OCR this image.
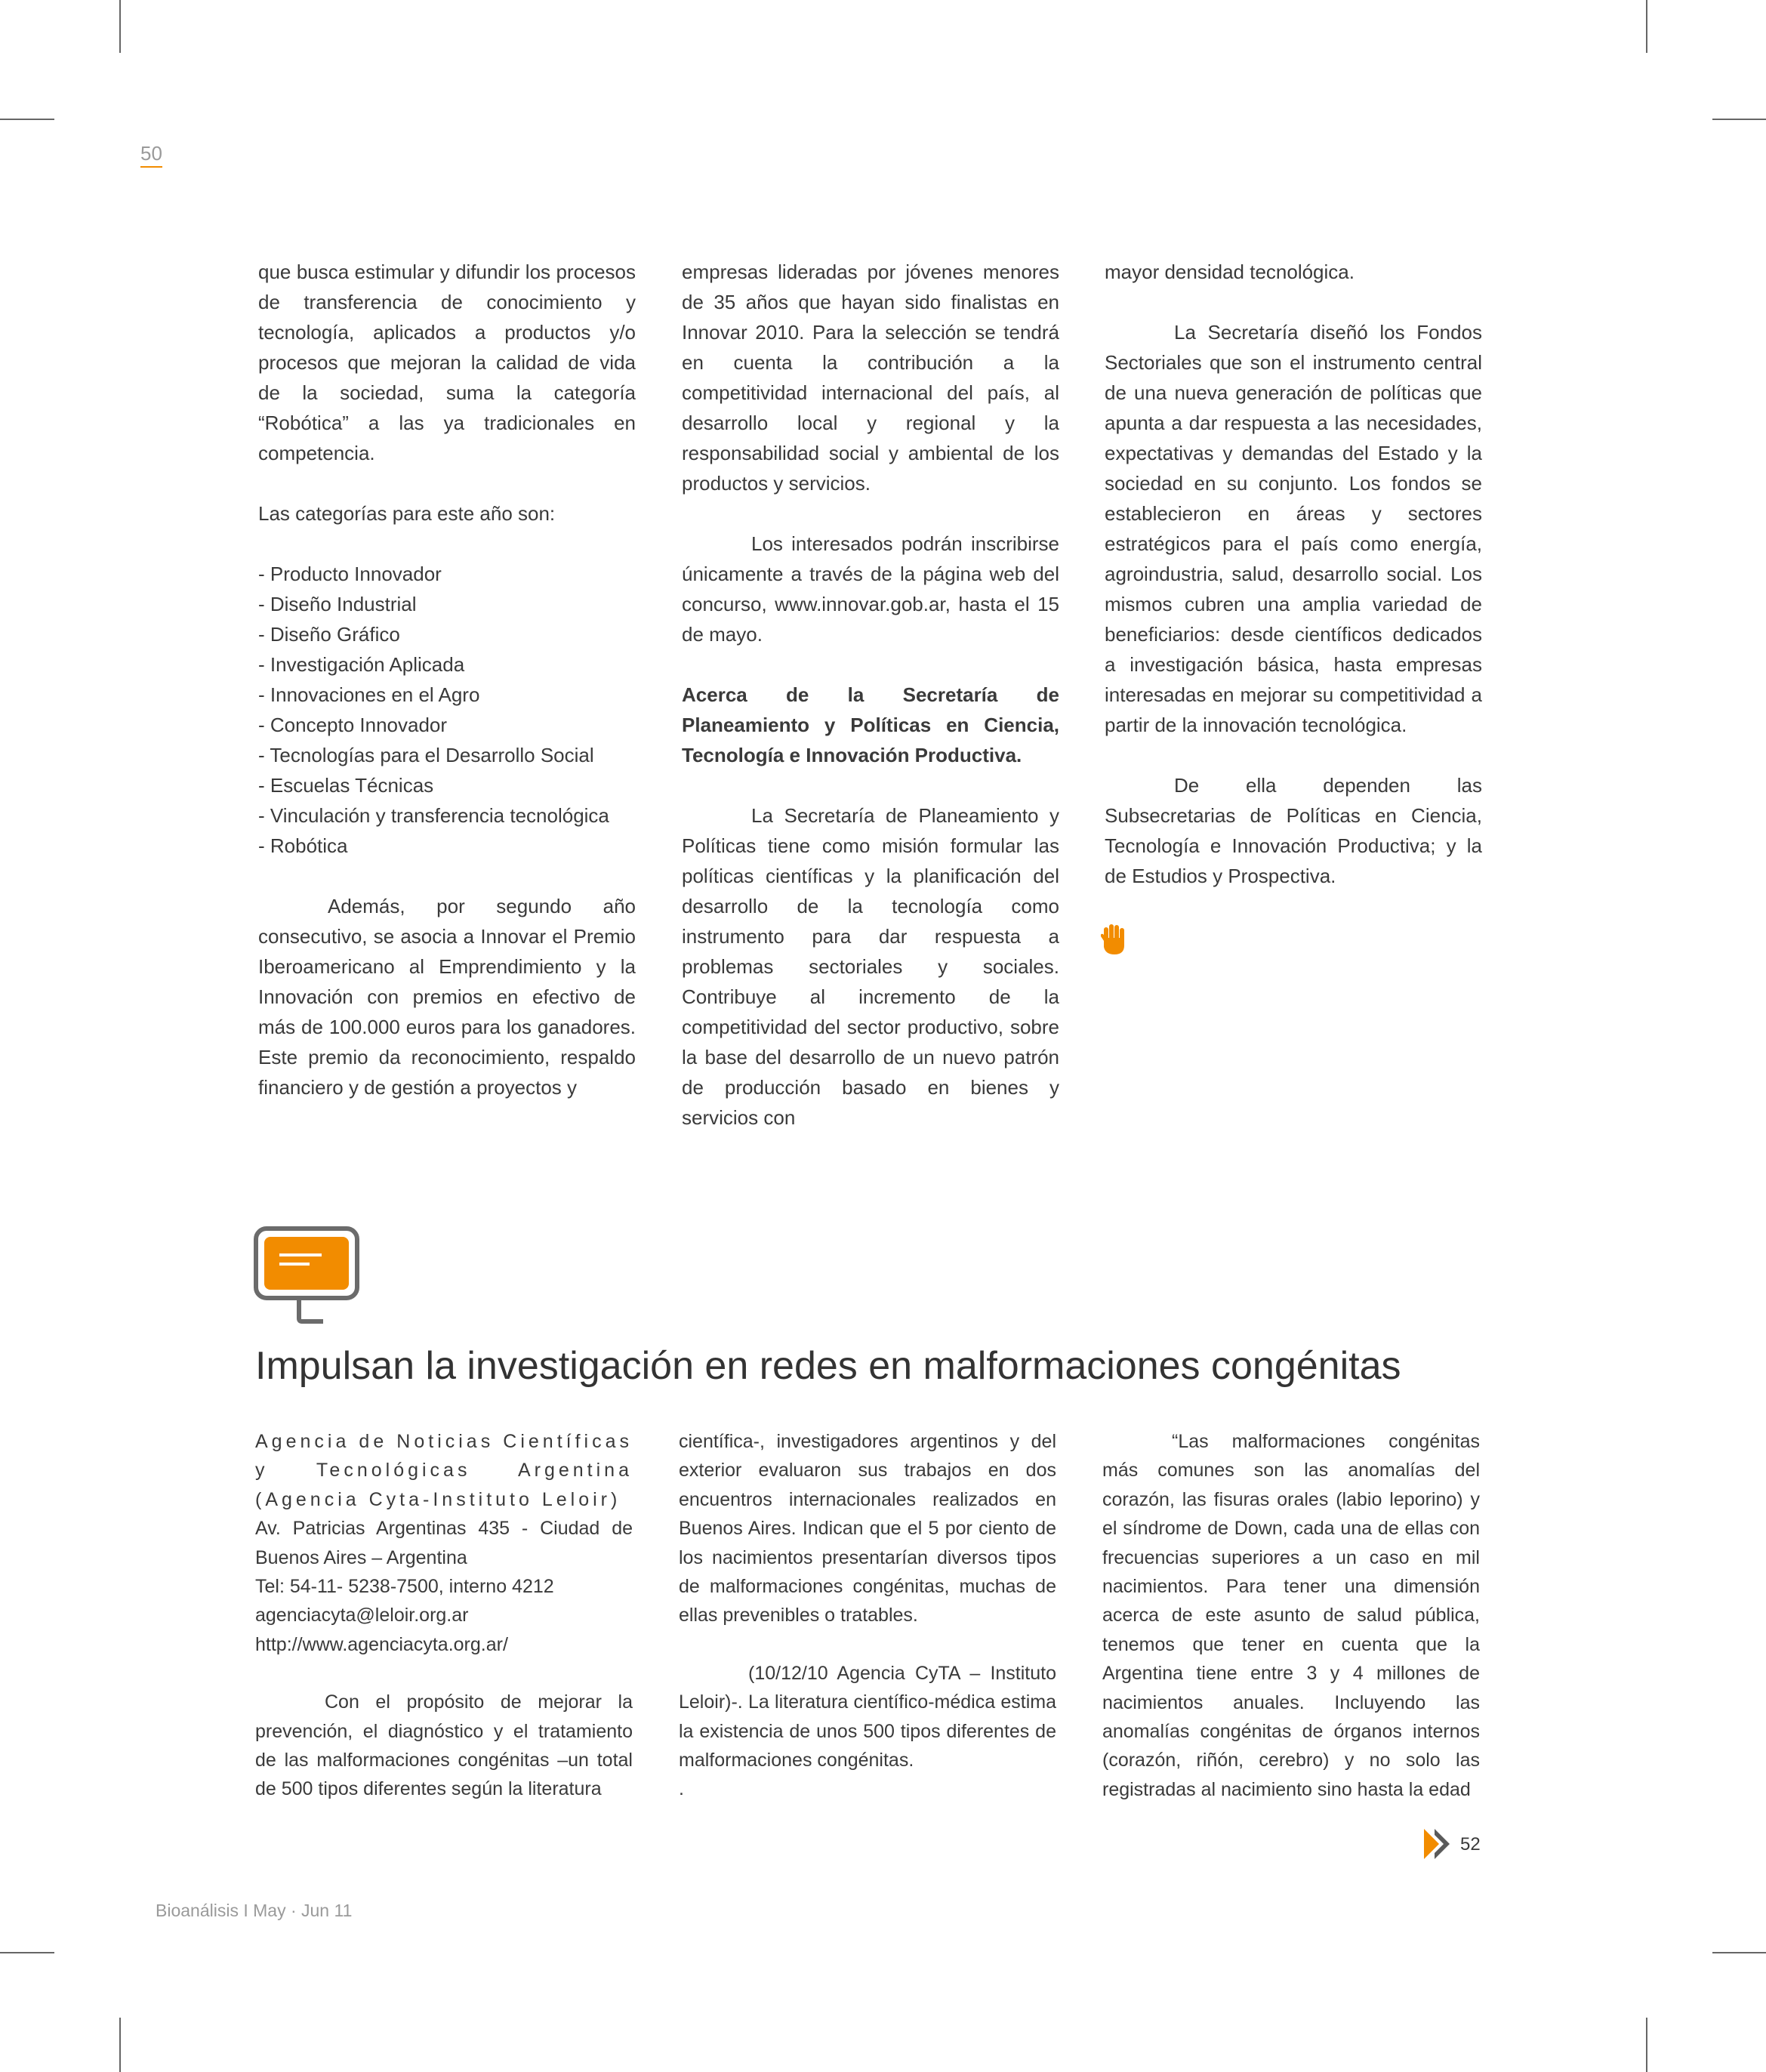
50

que busca estimular y difundir los procesos de transferencia de conocimiento y tecnología, aplicados a productos y/o procesos que mejoran la calidad de vida de la sociedad, suma la categoría “Robótica” a las ya tradicionales en competencia.

Las categorías para este año son:

- Producto Innovador

- Diseño Industrial

- Diseño Gráfico

- Investigación Aplicada

- Innovaciones en el Agro

- Concepto Innovador

- Tecnologías para el Desarrollo Social

- Escuelas Técnicas

- Vinculación y transferencia tecnológica

- Robótica

Además, por segundo año consecutivo, se asocia a Innovar el Premio Iberoamericano al Emprendimiento y la Innovación con premios en efectivo de más de 100.000 euros para los ganadores. Este premio da reconocimiento, respaldo financiero y de gestión a proyectos y

empresas lideradas por jóvenes menores de 35 años que hayan sido finalistas en Innovar 2010. Para la selección se tendrá en cuenta la contribución a la competitividad internacional del país, al desarrollo local y regional y la responsabilidad social y ambiental de los productos y servicios.

Los interesados podrán inscribirse únicamente a través de la página web del concurso, www.innovar.gob.ar, hasta el 15 de mayo.

Acerca de la Secretaría de Planeamiento y Políticas en Ciencia, Tecnología e Innovación Productiva.

La Secretaría de Planeamiento y Políticas tiene como misión formular las políticas científicas y la planificación del desarrollo de la tecnología como instrumento para dar respuesta a problemas sectoriales y sociales. Contribuye al incremento de la competitividad del sector productivo, sobre la base del desarrollo de un nuevo patrón de producción basado en bienes y servicios con

mayor densidad tecnológica.

La Secretaría diseñó los Fondos Sectoriales que son el instrumento central de una nueva generación de políticas que apunta a dar respuesta a las necesidades, expectativas y demandas del Estado y la sociedad en su conjunto. Los fondos se establecieron en áreas y sectores estratégicos para el país como energía, agroindustria, salud, desarrollo social. Los mismos cubren una amplia variedad de beneficiarios: desde científicos dedicados a investigación básica, hasta empresas interesadas en mejorar su competitividad a partir de la innovación tecnológica.

De ella dependen las Subsecretarias de Políticas en Ciencia, Tecnología e Innovación Productiva; y la de Estudios y Prospectiva.

Impulsan la investigación en redes en malformaciones congénitas

Agencia de Noticias Científicas y Tecnológicas Argentina (Agencia Cyta-Instituto Leloir)

Av. Patricias Argentinas 435 - Ciudad de Buenos Aires – Argentina

Tel: 54-11- 5238-7500, interno 4212

agenciacyta@leloir.org.ar

http://www.agenciacyta.org.ar/

Con el propósito de mejorar la prevención, el diagnóstico y el tratamiento de las malformaciones congénitas –un total de 500 tipos diferentes según la literatura

científica-, investigadores argentinos y del exterior evaluaron sus trabajos en dos encuentros internacionales realizados en Buenos Aires. Indican que el 5 por ciento de los nacimientos presentarían diversos tipos de malformaciones congénitas, muchas de ellas prevenibles o tratables.

(10/12/10 Agencia CyTA – Instituto Leloir)-. La literatura científico-médica estima la existencia de unos 500 tipos diferentes de malformaciones congénitas.

.

“Las malformaciones congénitas más comunes son las anomalías del corazón, las fisuras orales (labio leporino) y el síndrome de Down, cada una de ellas con frecuencias superiores a un caso en mil nacimientos. Para tener una dimensión acerca de este asunto de salud pública, tenemos que tener en cuenta que la Argentina tiene entre 3 y 4 millones de nacimientos anuales. Incluyendo las anomalías congénitas de órganos internos (corazón, riñón, cerebro) y no solo las registradas al nacimiento sino hasta la edad

52
Bioanálisis I May · Jun 11
